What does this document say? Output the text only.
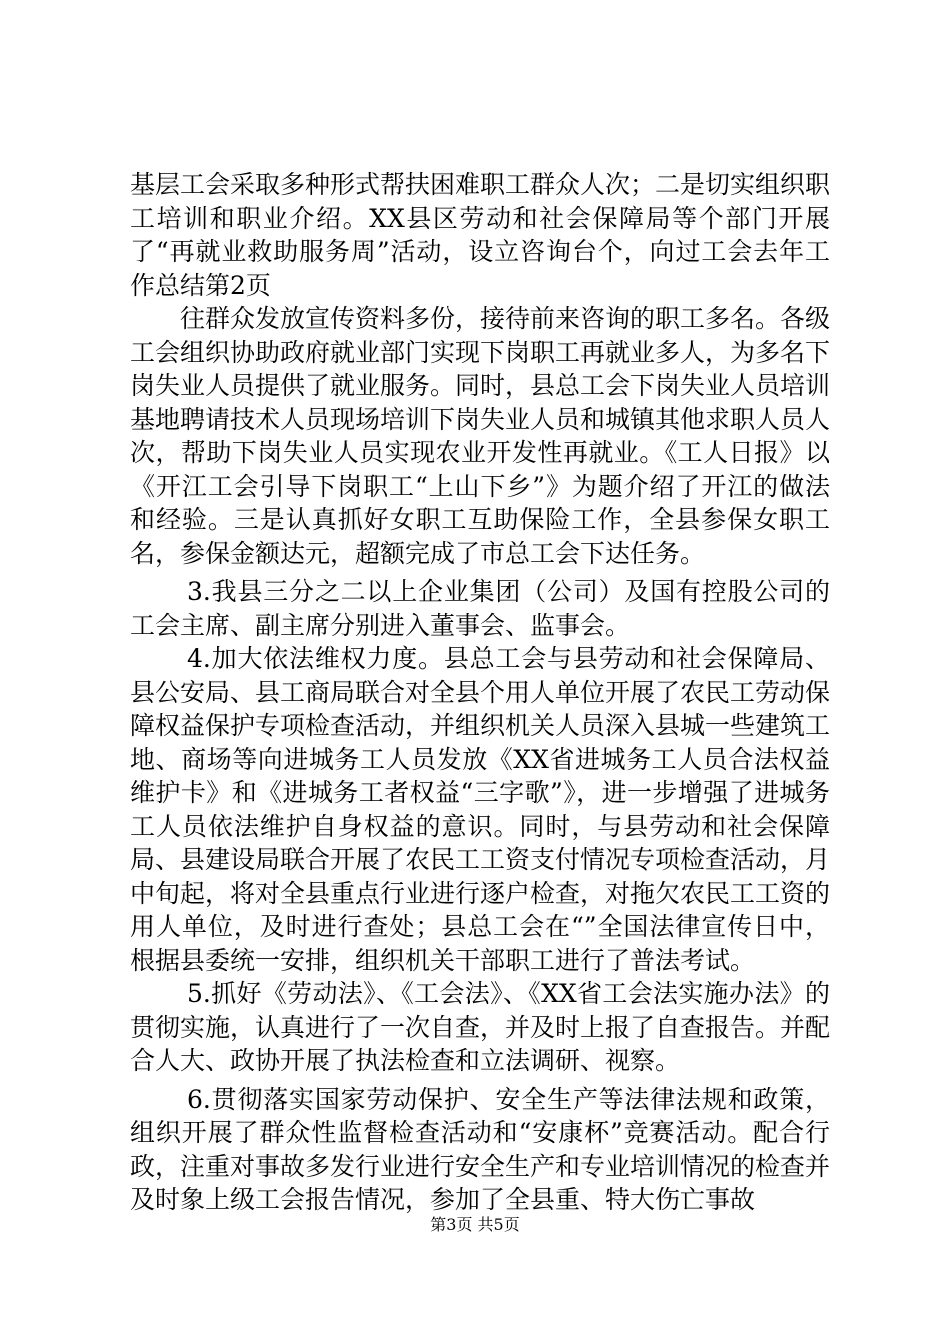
基层工会采取多种形式帮扶困难职工群众人次；二是切实组织职工培训和职业介绍。XX县区劳动和社会保障局等个部门开展了“再就业救助服务周”活动，设立咨询台个，向过工会去年工作总结第2页

往群众发放宣传资料多份，接待前来咨询的职工多名。各级工会组织协助政府就业部门实现下岗职工再就业多人，为多名下岗失业人员提供了就业服务。同时，县总工会下岗失业人员培训基地聘请技术人员现场培训下岗失业人员和城镇其他求职人员人次，帮助下岗失业人员实现农业开发性再就业。《工人日报》以《开江工会引导下岗职工“上山下乡”》为题介绍了开江的做法和经验。三是认真抓好女职工互助保险工作，全县参保女职工名，参保金额达元，超额完成了市总工会下达任务。

3.我县三分之二以上企业集团（公司）及国有控股公司的工会主席、副主席分别进入董事会、监事会。

4.加大依法维权力度。县总工会与县劳动和社会保障局、县公安局、县工商局联合对全县个用人单位开展了农民工劳动保障权益保护专项检查活动，并组织机关人员深入县城一些建筑工地、商场等向进城务工人员发放《XX省进城务工人员合法权益维护卡》和《进城务工者权益“三字歌”》，进一步增强了进城务工人员依法维护自身权益的意识。同时，与县劳动和社会保障局、县建设局联合开展了农民工工资支付情况专项检查活动，月中旬起，将对全县重点行业进行逐户检查，对拖欠农民工工资的用人单位，及时进行查处；县总工会在“”全国法律宣传日中，根据县委统一安排，组织机关干部职工进行了普法考试。

5.抓好《劳动法》、《工会法》、《XX省工会法实施办法》的贯彻实施，认真进行了一次自查，并及时上报了自查报告。并配合人大、政协开展了执法检查和立法调研、视察。

6.贯彻落实国家劳动保护、安全生产等法律法规和政策，组织开展了群众性监督检查活动和“安康杯”竞赛活动。配合行政，注重对事故多发行业进行安全生产和专业培训情况的检查并及时象上级工会报告情况，参加了全县重、特大伤亡事故

第3页 共5页
